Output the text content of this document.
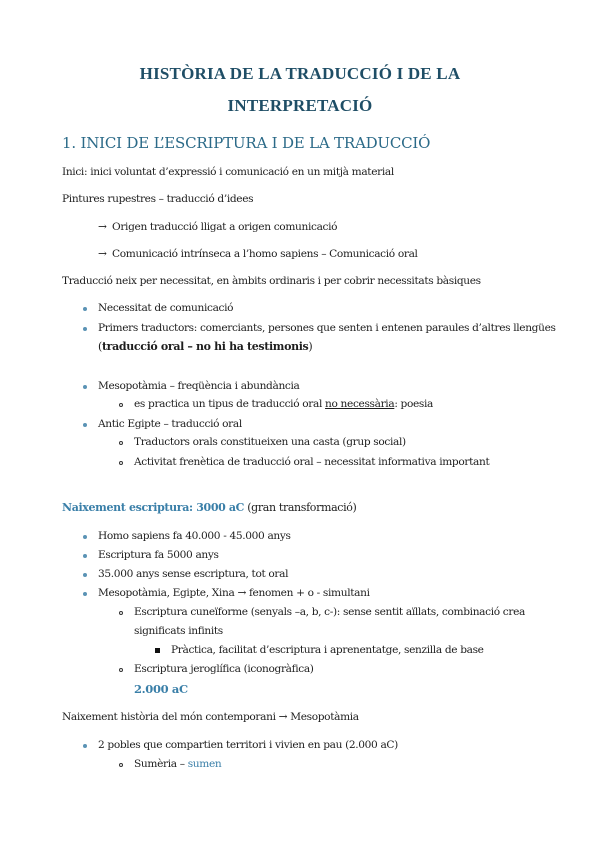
HISTÒRIA DE LA TRADUCCIÓ I DE LA
INTERPRETACIÓ
1. INICI DE L’ESCRIPTURA I DE LA TRADUCCIÓ
Inici: inici voluntat d’expressió i comunicació en un mitjà material
Pintures rupestres – traducció d’idees
→ Origen traducció lligat a origen comunicació
→ Comunicació intrínseca a l’homo sapiens – Comunicació oral
Traducció neix per necessitat, en àmbits ordinaris i per cobrir necessitats bàsiques
Necessitat de comunicació
Primers traductors: comerciants, persones que senten i entenen paraules d’altres llengües
(traducció oral – no hi ha testimonis)
Mesopotàmia – freqüència i abundància
es practica un tipus de traducció oral no necessària: poesia
Antic Egipte – traducció oral
Traductors orals constitueixen una casta (grup social)
Activitat frenètica de traducció oral – necessitat informativa important
Naixement escriptura: 3000 aC (gran transformació)
Homo sapiens fa 40.000 - 45.000 anys
Escriptura fa 5000 anys
35.000 anys sense escriptura, tot oral
Mesopotàmia, Egipte, Xina → fenomen + o - simultani
Escriptura cuneïforme (senyals –a, b, c-): sense sentit aïllats, combinació crea
significats infinits
Pràctica, facilitat d’escriptura i aprenentatge, senzilla de base
Escriptura jeroglífica (iconogràfica)
2.000 aC
Naixement història del món contemporani → Mesopotàmia
2 pobles que compartien territori i vivien en pau (2.000 aC)
Sumèria – sumen
